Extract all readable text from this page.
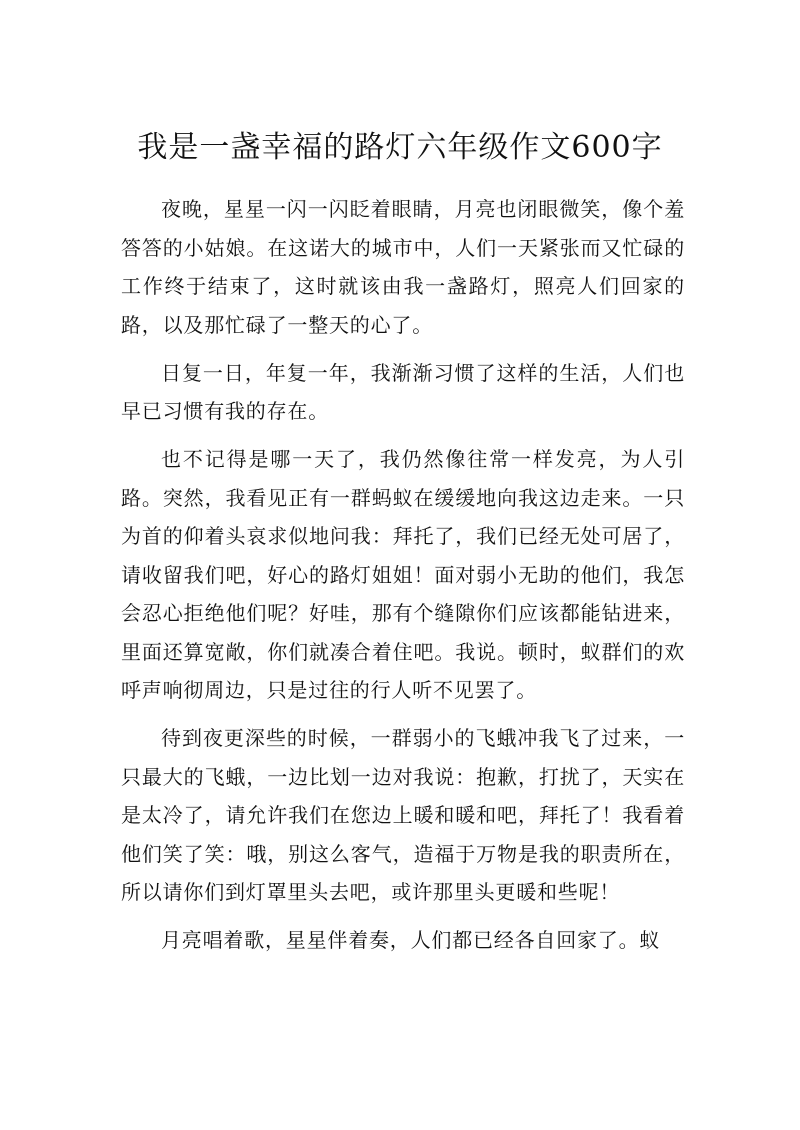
我是一盏幸福的路灯六年级作文600字

夜晚，星星一闪一闪眨着眼睛，月亮也闭眼微笑，像个羞答答的小姑娘。在这诺大的城市中，人们一天紧张而又忙碌的工作终于结束了，这时就该由我一盏路灯，照亮人们回家的路，以及那忙碌了一整天的心了。

日复一日，年复一年，我渐渐习惯了这样的生活，人们也早已习惯有我的存在。

也不记得是哪一天了，我仍然像往常一样发亮，为人引路。突然，我看见正有一群蚂蚁在缓缓地向我这边走来。一只为首的仰着头哀求似地问我：拜托了，我们已经无处可居了，请收留我们吧，好心的路灯姐姐！面对弱小无助的他们，我怎会忍心拒绝他们呢？好哇，那有个缝隙你们应该都能钻进来，里面还算宽敞，你们就凑合着住吧。我说。顿时，蚁群们的欢呼声响彻周边，只是过往的行人听不见罢了。

待到夜更深些的时候，一群弱小的飞蛾冲我飞了过来，一只最大的飞蛾，一边比划一边对我说：抱歉，打扰了，天实在是太冷了，请允许我们在您边上暖和暖和吧，拜托了！我看着他们笑了笑：哦，别这么客气，造福于万物是我的职责所在，所以请你们到灯罩里头去吧，或许那里头更暖和些呢！

月亮唱着歌，星星伴着奏，人们都已经各自回家了。蚁
